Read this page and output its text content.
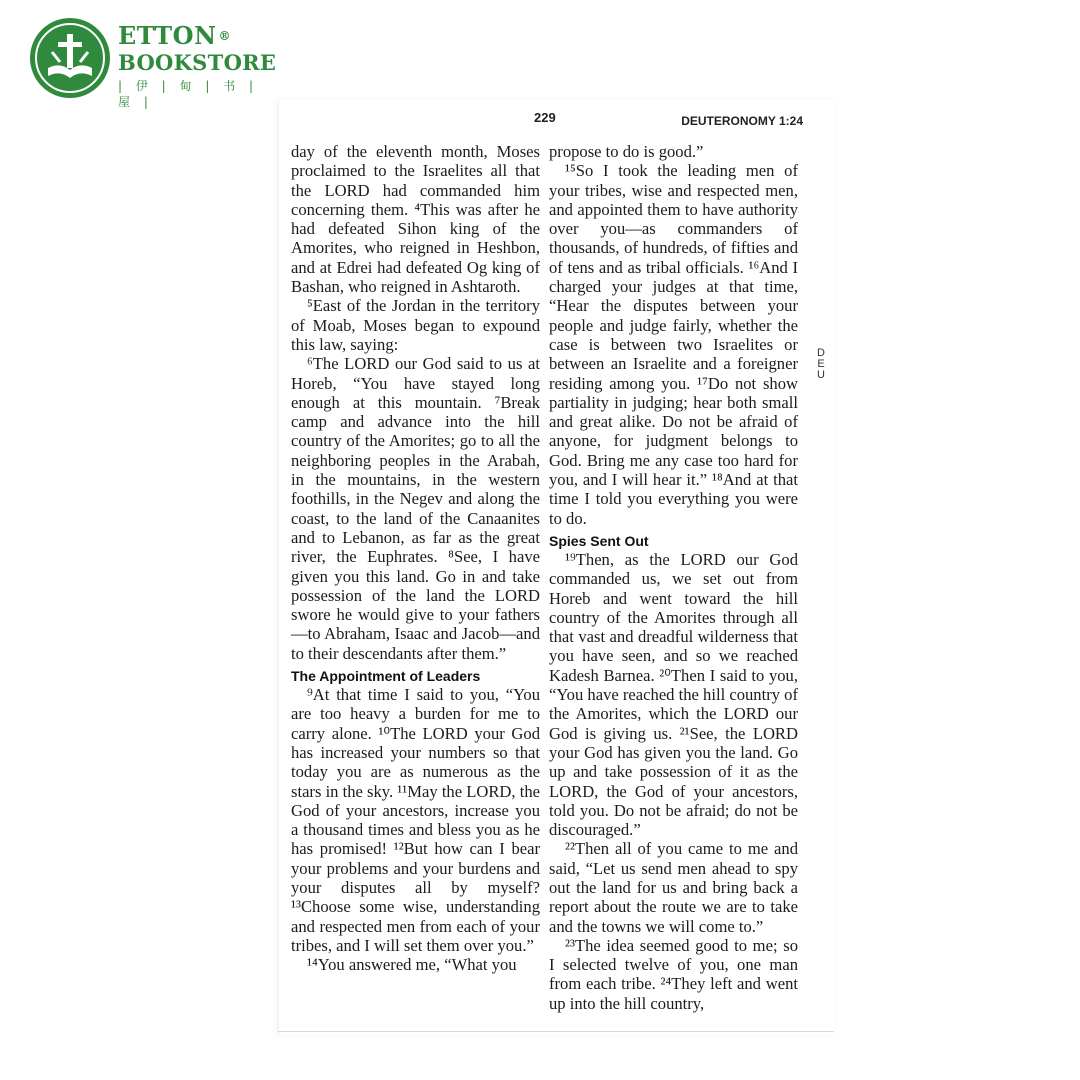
ETTON ®
BOOKSTORE
| 伊 | 甸 | 书 | 屋 |
229	DEUTERONOMY 1:24

day of the eleventh month, Moses proclaimed to the Israelites all that the LORD had commanded him concerning them. ⁴This was after he had defeated Sihon king of the Amorites, who reigned in Heshbon, and at Edrei had defeated Og king of Bashan, who reigned in Ashtaroth.

⁵East of the Jordan in the territory of Moab, Moses began to expound this law, saying:

⁶The LORD our God said to us at Horeb, “You have stayed long enough at this mountain. ⁷Break camp and advance into the hill country of the Amorites; go to all the neighboring peoples in the Arabah, in the mountains, in the western foothills, in the Negev and along the coast, to the land of the Canaanites and to Lebanon, as far as the great river, the Euphrates. ⁸See, I have given you this land. Go in and take possession of the land the LORD swore he would give to your fathers—to Abraham, Isaac and Jacob—and to their descendants after them.”

The Appointment of Leaders

⁹At that time I said to you, “You are too heavy a burden for me to carry alone. ¹⁰The LORD your God has increased your numbers so that today you are as numerous as the stars in the sky. ¹¹May the LORD, the God of your ancestors, increase you a thousand times and bless you as he has promised! ¹²But how can I bear your problems and your burdens and your disputes all by myself? ¹³Choose some wise, understanding and respected men from each of your tribes, and I will set them over you.”

¹⁴You answered me, “What you

propose to do is good.”

¹⁵So I took the leading men of your tribes, wise and respected men, and appointed them to have authority over you—as commanders of thousands, of hundreds, of fifties and of tens and as tribal officials. ¹⁶And I charged your judges at that time, “Hear the disputes between your people and judge fairly, whether the case is between two Israelites or between an Israelite and a foreigner residing among you. ¹⁷Do not show partiality in judging; hear both small and great alike. Do not be afraid of anyone, for judgment belongs to God. Bring me any case too hard for you, and I will hear it.” ¹⁸And at that time I told you everything you were to do.

Spies Sent Out

¹⁹Then, as the LORD our God commanded us, we set out from Horeb and went toward the hill country of the Amorites through all that vast and dreadful wilderness that you have seen, and so we reached Kadesh Barnea. ²⁰Then I said to you, “You have reached the hill country of the Amorites, which the LORD our God is giving us. ²¹See, the LORD your God has given you the land. Go up and take possession of it as the LORD, the God of your ancestors, told you. Do not be afraid; do not be discouraged.”

²²Then all of you came to me and said, “Let us send men ahead to spy out the land for us and bring back a report about the route we are to take and the towns we will come to.”

²³The idea seemed good to me; so I selected twelve of you, one man from each tribe. ²⁴They left and went up into the hill country,

D
E
U
